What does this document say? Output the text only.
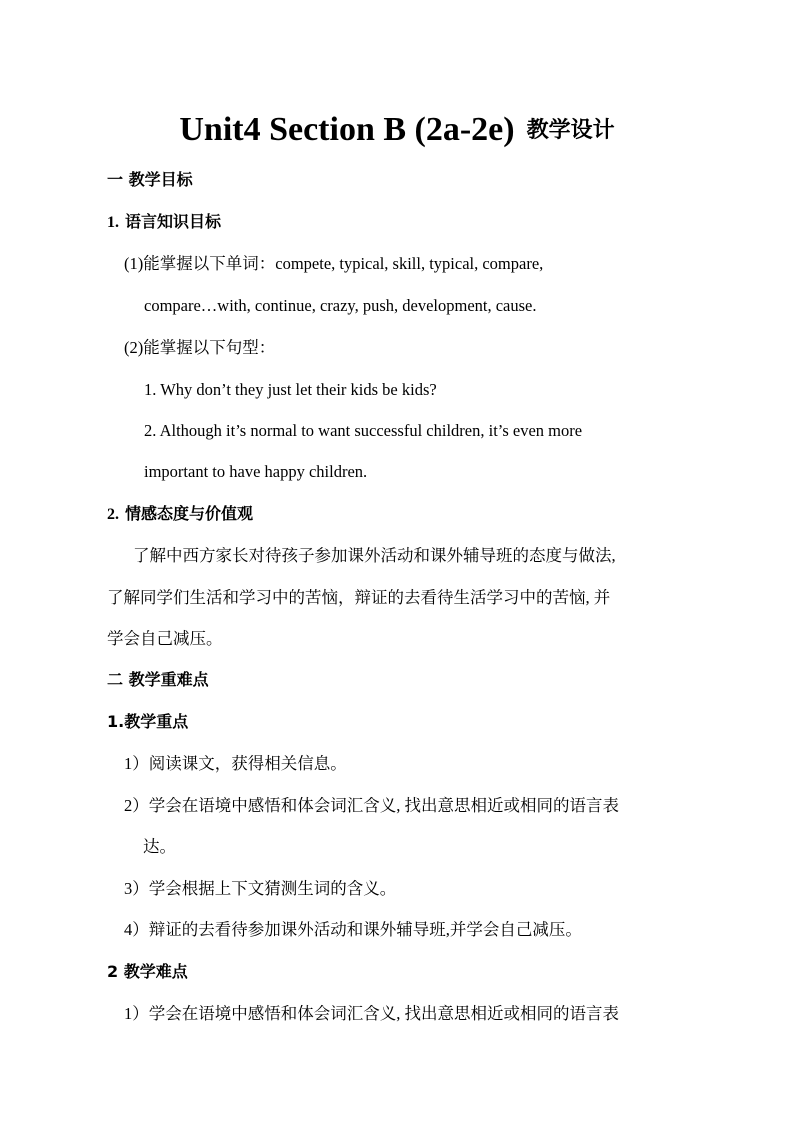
Unit4 Section B (2a-2e) 教学设计
一 教学目标
1. 语言知识目标
(1)能掌握以下单词：compete, typical, skill, typical, compare,
compare…with, continue, crazy, push, development, cause.
(2)能掌握以下句型：
1. Why don’t they just let their kids be kids?
2. Although it’s normal to want successful children, it’s even more
important to have happy children.
2. 情感态度与价值观
了解中西方家长对待孩子参加课外活动和课外辅导班的态度与做法,
了解同学们生活和学习中的苦恼，辩证的去看待生活学习中的苦恼, 并
学会自己减压。
二 教学重难点
1.教学重点
1）阅读课文，获得相关信息。
2）学会在语境中感悟和体会词汇含义, 找出意思相近或相同的语言表
达。
3）学会根据上下文猜测生词的含义。
4）辩证的去看待参加课外活动和课外辅导班,并学会自己减压。
2 教学难点
1）学会在语境中感悟和体会词汇含义, 找出意思相近或相同的语言表
